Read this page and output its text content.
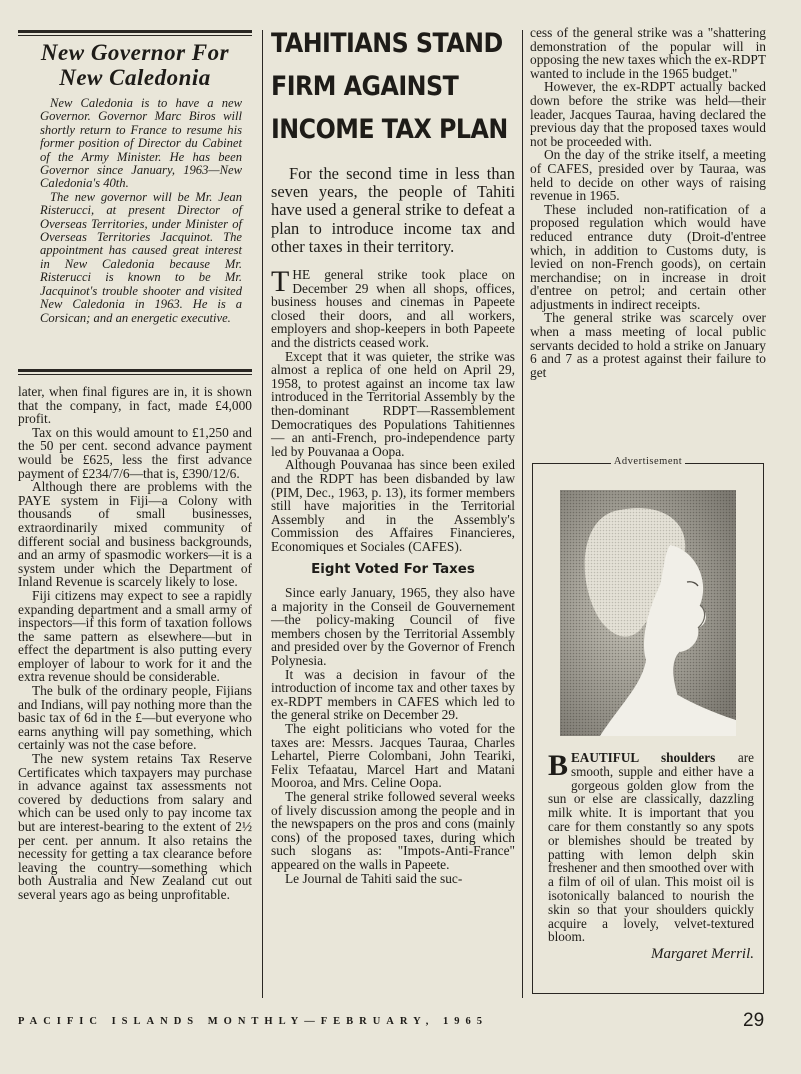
New Governor For New Caledonia

New Caledonia is to have a new Governor. Governor Marc Biros will shortly return to France to resume his former position of Director du Cabinet of the Army Minister. He has been Governor since January, 1963—New Caledonia's 40th.

The new governor will be Mr. Jean Risterucci, at present Director of Overseas Territories, under Minister of Overseas Territories Jacquinot. The appointment has caused great interest in New Caledonia because Mr. Risterucci is known to be Mr. Jacquinot's trouble shooter and visited New Caledonia in 1963. He is a Corsican; and an energetic executive.

later, when final figures are in, it is shown that the company, in fact, made £4,000 profit.

Tax on this would amount to £1,250 and the 50 per cent. second advance payment would be £625, less the first advance payment of £234/7/6—that is, £390/12/6.

Although there are problems with the PAYE system in Fiji—a Colony with thousands of small businesses, extraordinarily mixed community of different social and business backgrounds, and an army of spasmodic workers—it is a system under which the Department of Inland Revenue is scarcely likely to lose.

Fiji citizens may expect to see a rapidly expanding department and a small army of inspectors—if this form of taxation follows the same pattern as elsewhere—but in effect the department is also putting every employer of labour to work for it and the extra revenue should be considerable.

The bulk of the ordinary people, Fijians and Indians, will pay nothing more than the basic tax of 6d in the £—but everyone who earns anything will pay something, which certainly was not the case before.

The new system retains Tax Reserve Certificates which taxpayers may purchase in advance against tax assessments not covered by deductions from salary and which can be used only to pay income tax but are interest-bearing to the extent of 2½ per cent. per annum. It also retains the necessity for getting a tax clearance before leaving the country—something which both Australia and New Zealand cut out several years ago as being unprofitable.

TAHITIANS STAND

FIRM AGAINST

INCOME TAX PLAN

For the second time in less than seven years, the people of Tahiti have used a general strike to defeat a plan to introduce income tax and other taxes in their territory.

THE general strike took place on December 29 when all shops, offices, business houses and cinemas in Papeete closed their doors, and all workers, employers and shop-keepers in both Papeete and the districts ceased work.

Except that it was quieter, the strike was almost a replica of one held on April 29, 1958, to protest against an income tax law introduced in the Territorial Assembly by the then-dominant RDPT—Rassemblement Democratiques des Populations Tahitiennes— an anti-French, pro-independence party led by Pouvanaa a Oopa.

Although Pouvanaa has since been exiled and the RDPT has been disbanded by law (PIM, Dec., 1963, p. 13), its former members still have majorities in the Territorial Assembly and in the Assembly's Commission des Affaires Financieres, Economiques et Sociales (CAFES).

Eight Voted For Taxes

Since early January, 1965, they also have a majority in the Conseil de Gouvernement—the policy-making Council of five members chosen by the Territorial Assembly and presided over by the Governor of French Polynesia.

It was a decision in favour of the introduction of income tax and other taxes by ex-RDPT members in CAFES which led to the general strike on December 29.

The eight politicians who voted for the taxes are: Messrs. Jacques Tauraa, Charles Lehartel, Pierre Colombani, John Teariki, Felix Tefaatau, Marcel Hart and Matani Mooroa, and Mrs. Celine Oopa.

The general strike followed several weeks of lively discussion among the people and in the newspapers on the pros and cons (mainly cons) of the proposed taxes, during which such slogans as: "Impots-Anti-France" appeared on the walls in Papeete.

Le Journal de Tahiti said the suc-

cess of the general strike was a "shattering demonstration of the popular will in opposing the new taxes which the ex-RDPT wanted to include in the 1965 budget."

However, the ex-RDPT actually backed down before the strike was held—their leader, Jacques Tauraa, having declared the previous day that the proposed taxes would not be proceeded with.

On the day of the strike itself, a meeting of CAFES, presided over by Tauraa, was held to decide on other ways of raising revenue in 1965.

These included non-ratification of a proposed regulation which would have reduced entrance duty (Droit-d'entree which, in addition to Customs duty, is levied on non-French goods), on certain merchandise; on in increase in droit d'entree on petrol; and certain other adjustments in indirect receipts.

The general strike was scarcely over when a mass meeting of local public servants decided to hold a strike on January 6 and 7 as a protest against their failure to get

Advertisement

BEAUTIFUL shoulders are smooth, supple and either have a gorgeous golden glow from the sun or else are classically, dazzling milk white. It is important that you care for them constantly so any spots or blemishes should be treated by patting with lemon delph skin freshener and then smoothed over with a film of oil of ulan. This moist oil is isotonically balanced to nourish the skin so that your shoulders quickly acquire a lovely, velvet-textured bloom.

Margaret Merril.

PACIFIC ISLANDS MONTHLY—FEBRUARY, 1965	29
